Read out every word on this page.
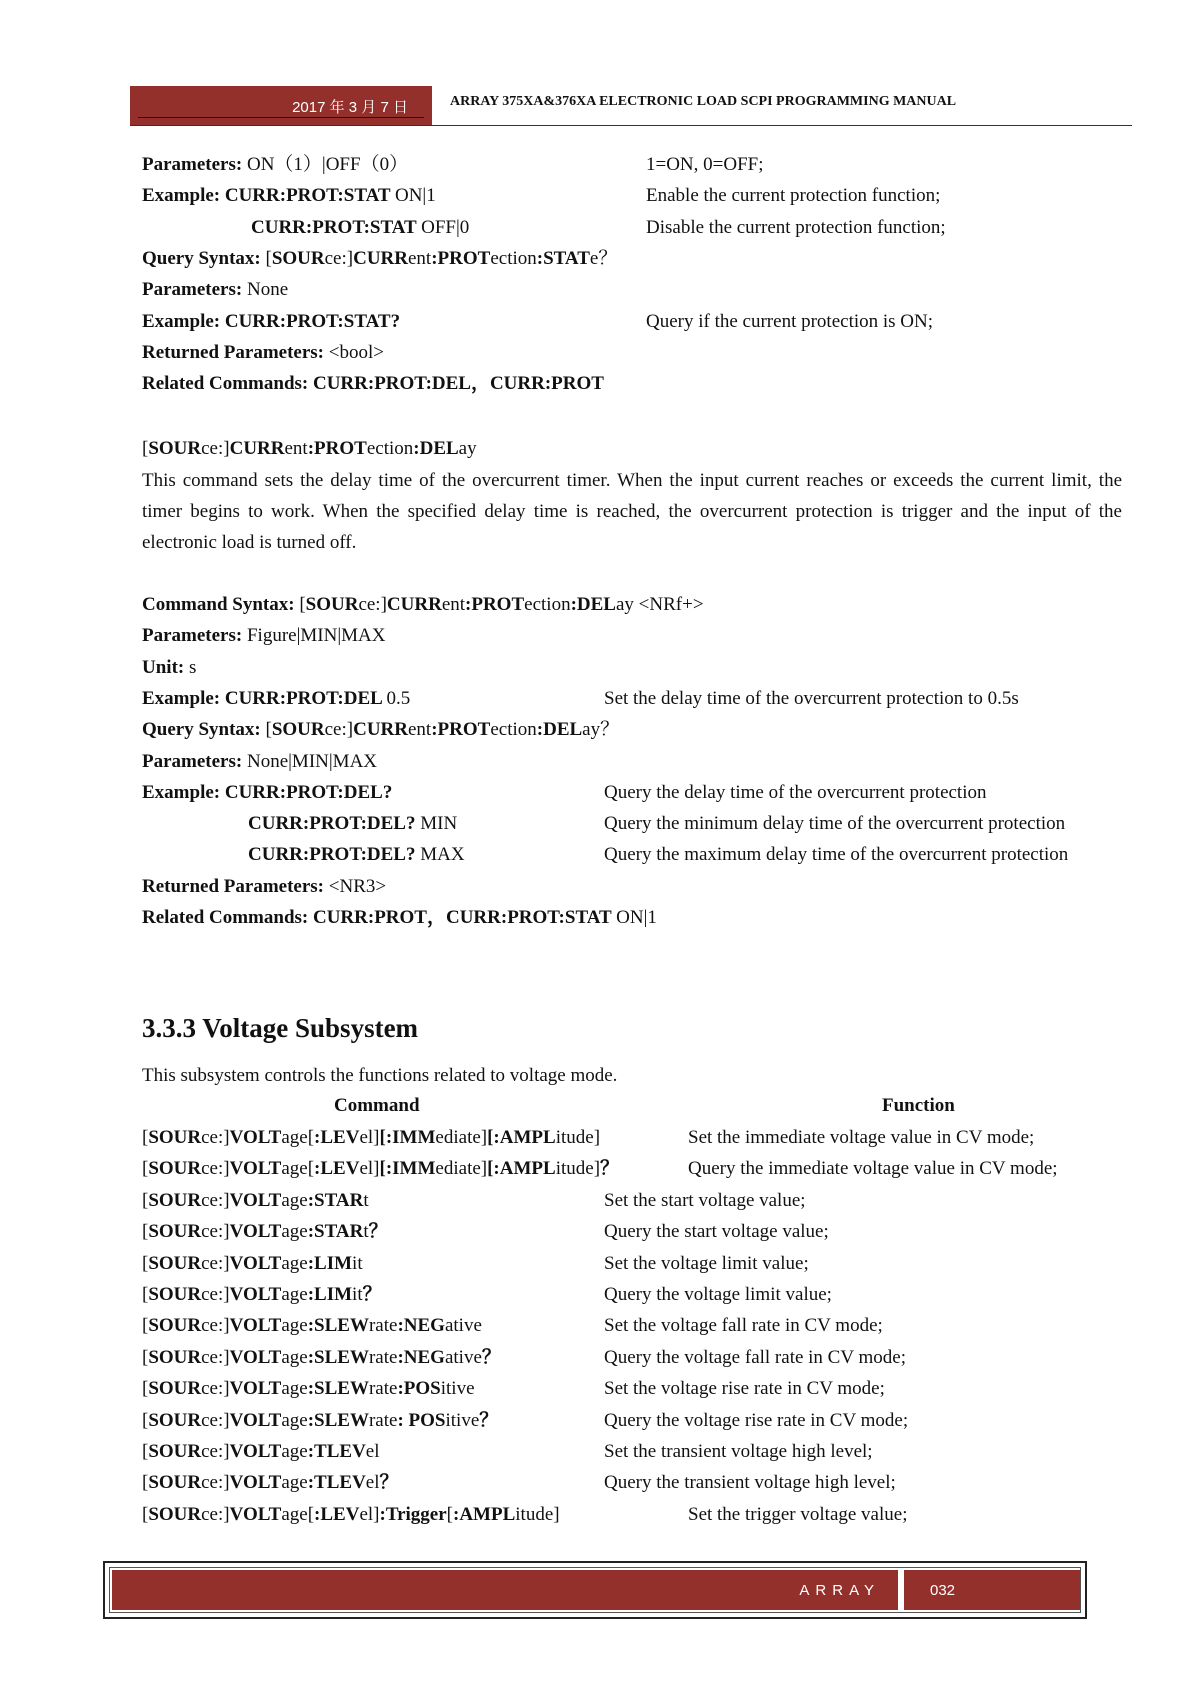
2017 年 3 月 7 日	ARRAY 375XA&376XA ELECTRONIC LOAD SCPI PROGRAMMING MANUAL
Parameters: ON（1）|OFF（0）	1=ON, 0=OFF;
Example: CURR:PROT:STAT ON|1	Enable the current protection function;
CURR:PROT:STAT OFF|0	Disable the current protection function;
Query Syntax: [SOURce:]CURRent:PROTection:STATe？
Parameters: None
Example: CURR:PROT:STAT?	Query if the current protection is ON;
Returned Parameters: <bool>
Related Commands: CURR:PROT:DEL，CURR:PROT
[SOURce:]CURRent:PROTection:DELay
This command sets the delay time of the overcurrent timer. When the input current reaches or exceeds the current limit, the timer begins to work. When the specified delay time is reached, the overcurrent protection is trigger and the input of the electronic load is turned off.
Command Syntax: [SOURce:]CURRent:PROTection:DELay <NRf+>
Parameters: Figure|MIN|MAX
Unit: s
Example: CURR:PROT:DEL 0.5	Set the delay time of the overcurrent protection to 0.5s
Query Syntax: [SOURce:]CURRent:PROTection:DELay？
Parameters: None|MIN|MAX
Example: CURR:PROT:DEL?	Query the delay time of the overcurrent protection
CURR:PROT:DEL? MIN	Query the minimum delay time of the overcurrent protection
CURR:PROT:DEL? MAX	Query the maximum delay time of the overcurrent protection
Returned Parameters: <NR3>
Related Commands: CURR:PROT，CURR:PROT:STAT ON|1
3.3.3 Voltage Subsystem
This subsystem controls the functions related to voltage mode.
Command	Function
[SOURce:]VOLTage[:LEVel][:IMMediate][:AMPLitude]	Set the immediate voltage value in CV mode;
[SOURce:]VOLTage[:LEVel][:IMMediate][:AMPLitude]？	Query the immediate voltage value in CV mode;
[SOURce:]VOLTage:STARt	Set the start voltage value;
[SOURce:]VOLTage:STARt？	Query the start voltage value;
[SOURce:]VOLTage:LIMit	Set the voltage limit value;
[SOURce:]VOLTage:LIMit？	Query the voltage limit value;
[SOURce:]VOLTage:SLEWrate:NEGative	Set the voltage fall rate in CV mode;
[SOURce:]VOLTage:SLEWrate:NEGative？	Query the voltage fall rate in CV mode;
[SOURce:]VOLTage:SLEWrate:POSitive	Set the voltage rise rate in CV mode;
[SOURce:]VOLTage:SLEWrate: POSitive？	Query the voltage rise rate in CV mode;
[SOURce:]VOLTage:TLEVel	Set the transient voltage high level;
[SOURce:]VOLTage:TLEVel？	Query the transient voltage high level;
[SOURce:]VOLTage[:LEVel]:Trigger[:AMPLitude]	Set the trigger voltage value;
ARRAY	032
